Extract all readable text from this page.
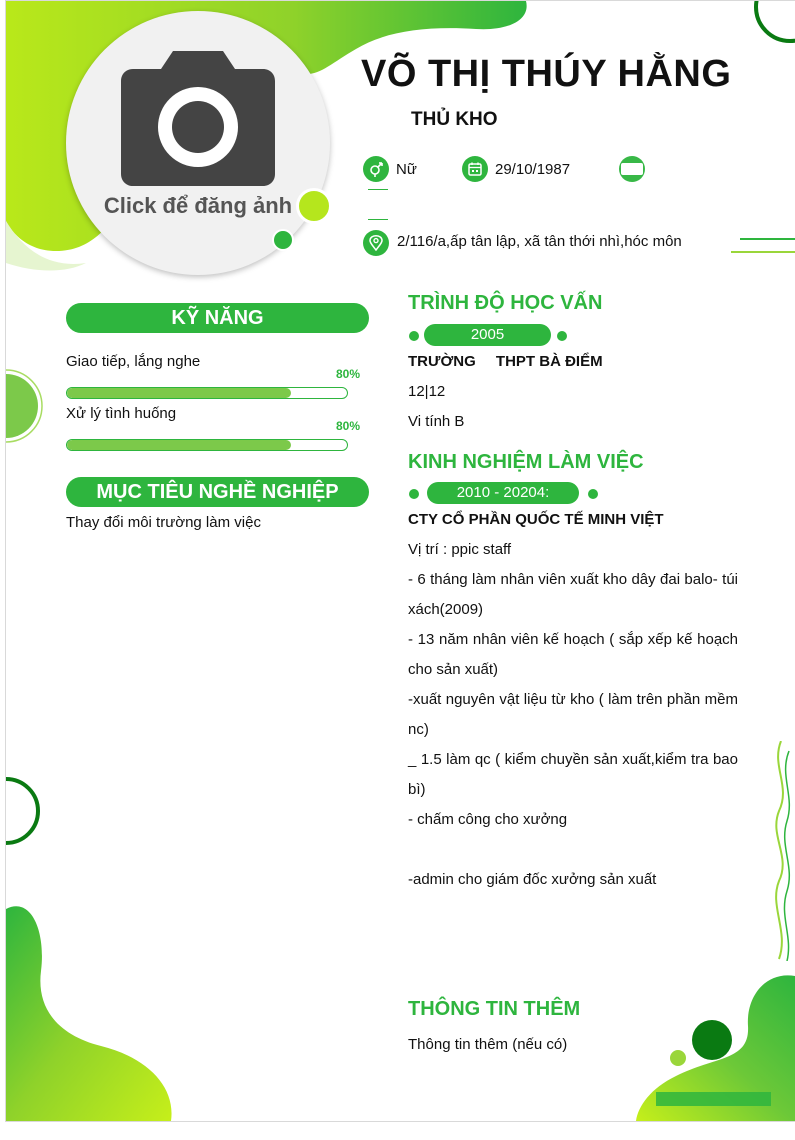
Click để đăng ảnh
VÕ THỊ THÚY HẰNG
THỦ KHO
Nữ	29/10/1987
2/116/a,ấp tân lập, xã tân thới nhì,hóc môn
KỸ NĂNG
Giao tiếp, lắng nghe
80%
Xử lý tình huống
80%
MỤC TIÊU NGHỀ NGHIỆP
Thay đổi môi trường làm việc
TRÌNH ĐỘ HỌC VẤN
2005
TRƯỜNG THPT BÀ ĐIỂM
12|12
Vi tính B
KINH NGHIỆM LÀM VIỆC
2010 - 20204:
CTY CỔ PHẦN QUỐC TẾ MINH VIỆT
Vị trí : ppic staff
- 6 tháng làm nhân viên xuất kho dây đai balo- túi xách(2009)
- 13 năm nhân viên kế hoạch ( sắp xếp kế hoạch cho sản xuất)
-xuất nguyên vật liệu từ kho ( làm trên phần mềm nc)
_ 1.5 làm qc ( kiểm chuyền sản xuất,kiểm tra bao bì)
- chấm công cho xưởng
-admin cho giám đốc xưởng sản xuất
THÔNG TIN THÊM
Thông tin thêm (nếu có)
